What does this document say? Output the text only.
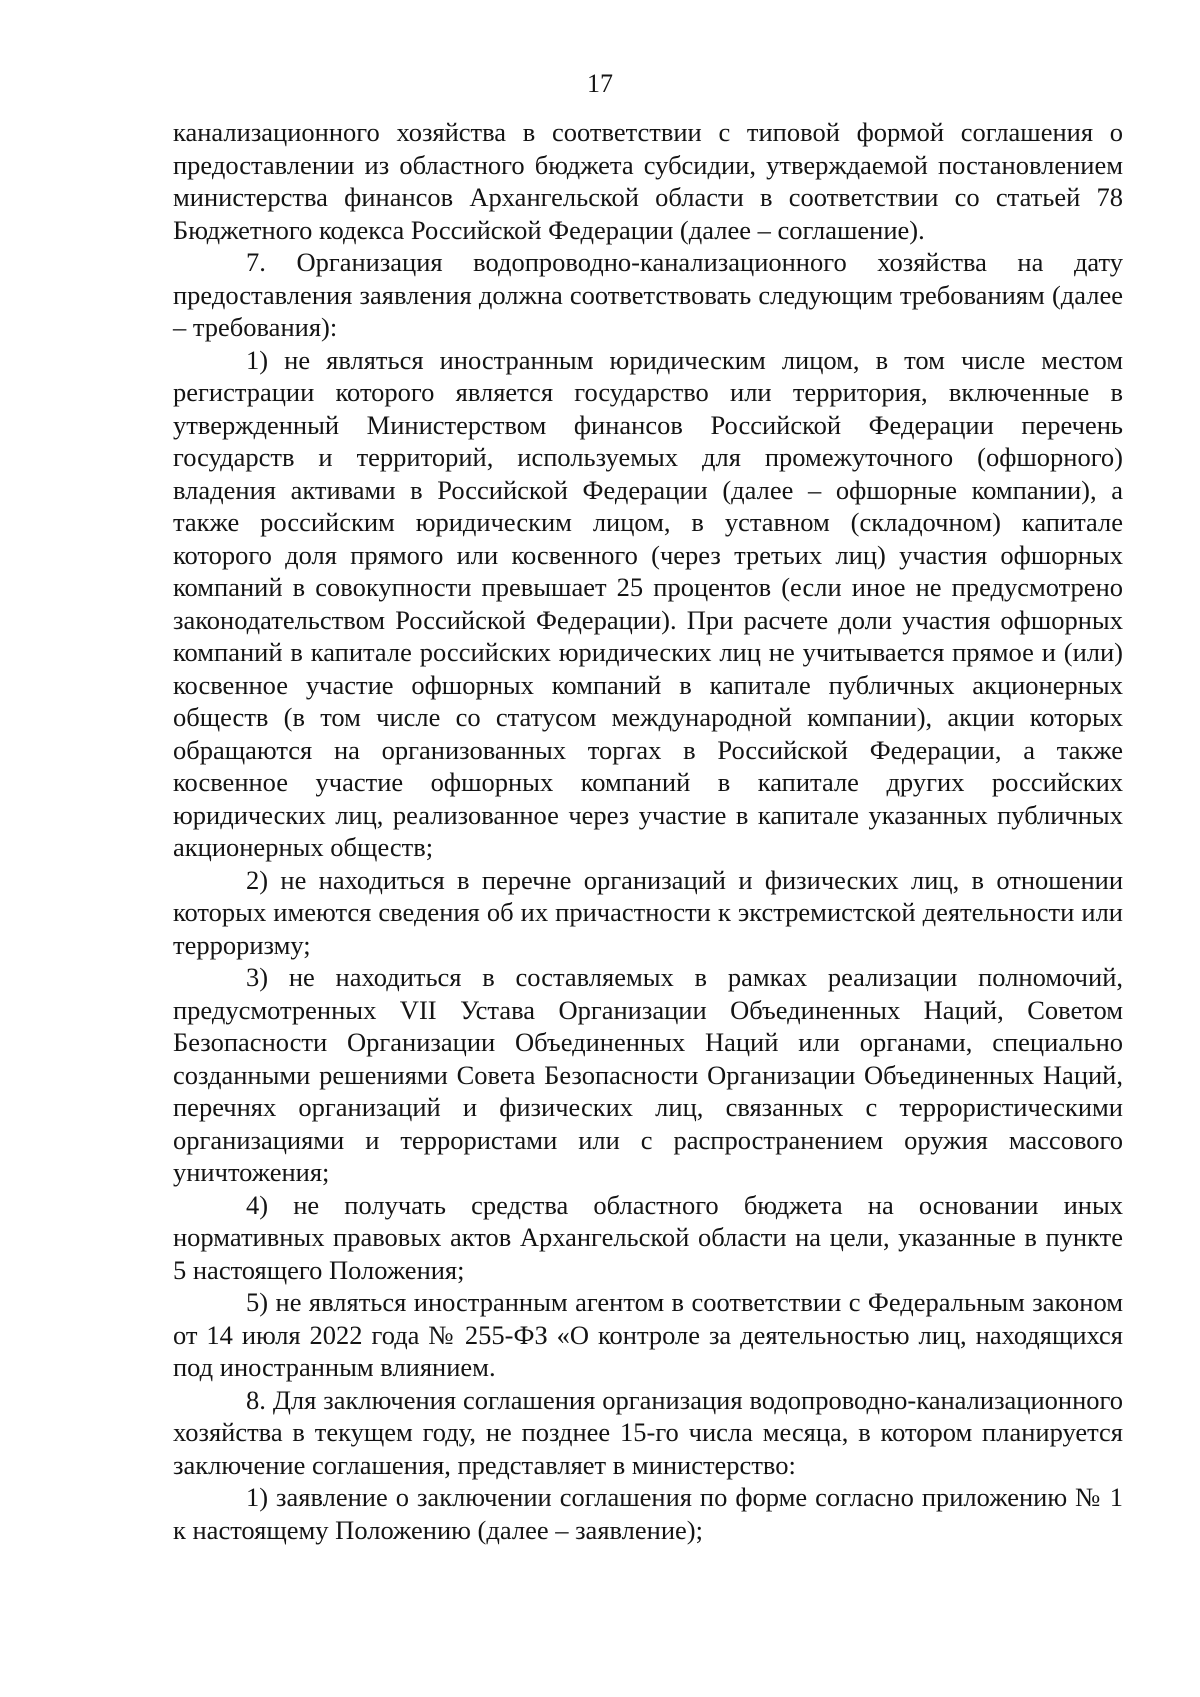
17

канализационного хозяйства в соответствии с типовой формой соглашения о предоставлении из областного бюджета субсидии, утверждаемой постановлением министерства финансов Архангельской области в соответствии со статьей 78 Бюджетного кодекса Российской Федерации (далее – соглашение).

7. Организация водопроводно-канализационного хозяйства на дату предоставления заявления должна соответствовать следующим требованиям (далее – требования):

1) не являться иностранным юридическим лицом, в том числе местом регистрации которого является государство или территория, включенные в утвержденный Министерством финансов Российской Федерации перечень государств и территорий, используемых для промежуточного (офшорного) владения активами в Российской Федерации (далее – офшорные компании), а также российским юридическим лицом, в уставном (складочном) капитале которого доля прямого или косвенного (через третьих лиц) участия офшорных компаний в совокупности превышает 25 процентов (если иное не предусмотрено законодательством Российской Федерации). При расчете доли участия офшорных компаний в капитале российских юридических лиц не учитывается прямое и (или) косвенное участие офшорных компаний в капитале публичных акционерных обществ (в том числе со статусом международной компании), акции которых обращаются на организованных торгах в Российской Федерации, а также косвенное участие офшорных компаний в капитале других российских юридических лиц, реализованное через участие в капитале указанных публичных акционерных обществ;

2) не находиться в перечне организаций и физических лиц, в отношении которых имеются сведения об их причастности к экстремистской деятельности или терроризму;

3) не находиться в составляемых в рамках реализации полномочий, предусмотренных VII Устава Организации Объединенных Наций, Советом Безопасности Организации Объединенных Наций или органами, специально созданными решениями Совета Безопасности Организации Объединенных Наций, перечнях организаций и физических лиц, связанных с террористическими организациями и террористами или с распространением оружия массового уничтожения;

4) не получать средства областного бюджета на основании иных нормативных правовых актов Архангельской области на цели, указанные в пункте 5 настоящего Положения;

5) не являться иностранным агентом в соответствии с Федеральным законом от 14 июля 2022 года № 255-ФЗ «О контроле за деятельностью лиц, находящихся под иностранным влиянием.

8. Для заключения соглашения организация водопроводно-канализационного хозяйства в текущем году, не позднее 15-го числа месяца, в котором планируется заключение соглашения, представляет в министерство:

1) заявление о заключении соглашения по форме согласно приложению № 1 к настоящему Положению (далее – заявление);
